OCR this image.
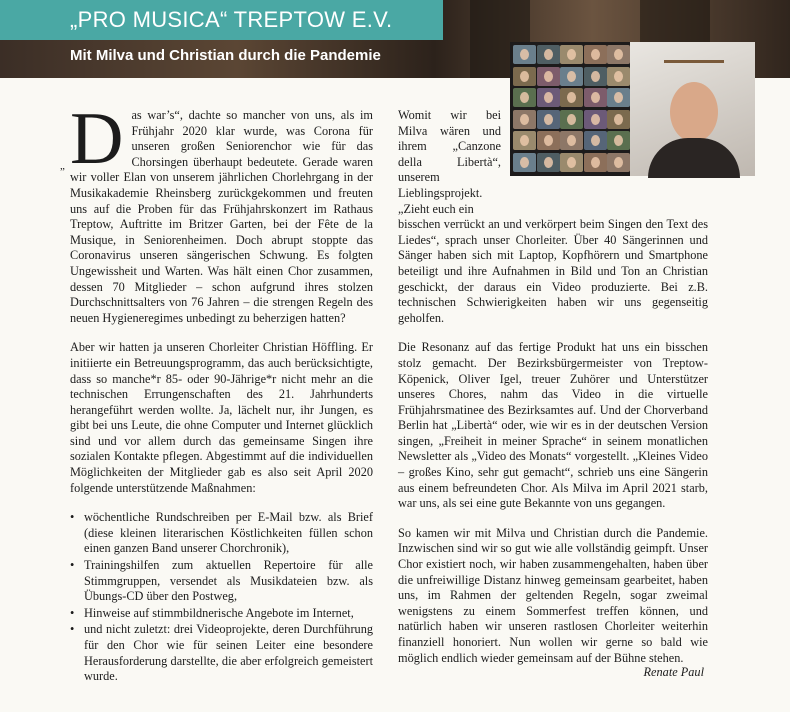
„PRO MUSICA“ TREPTOW E.V.
Mit Milva und Christian durch die Pandemie
„ Das war’s“, dachte so mancher von uns, als im Frühjahr 2020 klar wurde, was Corona für unseren großen Seniorenchor wie für das Chorsingen überhaupt bedeutete. Gerade waren wir voller Elan von unserem jährlichen Chorlehrgang in der Musikakademie Rheinsberg zurückgekommen und freuten uns auf die Proben für das Frühjahrskonzert im Rathaus Treptow, Auftritte im Britzer Garten, bei der Fête de la Musique, in Seniorenheimen. Doch abrupt stoppte das Coronavirus unseren sängerischen Schwung. Es folgten Ungewissheit und Warten. Was hält einen Chor zusammen, dessen 70 Mitglieder – schon aufgrund ihres stolzen Durchschnittsalters von 76 Jahren – die strengen Regeln des neuen Hygieneregimes unbedingt zu beherzigen hatten?

Aber wir hatten ja unseren Chorleiter Christian Höffling. Er initiierte ein Betreuungsprogramm, das auch berücksichtigte, dass so manche*r 85- oder 90-Jährige*r nicht mehr an die technischen Errungenschaften des 21. Jahrhunderts herangeführt werden wollte. Ja, lächelt nur, ihr Jungen, es gibt bei uns Leute, die ohne Computer und Internet glücklich sind und vor allem durch das gemeinsame Singen ihre sozialen Kontakte pflegen. Abgestimmt auf die individuellen Möglichkeiten der Mitglieder gab es also seit April 2020 folgende unterstützende Maßnahmen:

• wöchentliche Rundschreiben per E-Mail bzw. als Brief (diese kleinen literarischen Köstlichkeiten füllen schon einen ganzen Band unserer Chorchronik),
• Trainingshilfen zum aktuellen Repertoire für alle Stimmgruppen, versendet als Musikdateien bzw. als Übungs-CD über den Postweg,
• Hinweise auf stimmbildnerische Angebote im Internet,
• und nicht zuletzt: drei Videoprojekte, deren Durchführung für den Chor wie für seinen Leiter eine besondere Herausforderung darstellte, die aber erfolgreich gemeistert wurde.

Womit wir bei Milva wären und ihrem „Canzone della Libertà“, unserem Lieblingsprojekt. „Zieht euch ein
bisschen verrückt an und verkörpert beim Singen den Text des Liedes“, sprach unser Chorleiter. Über 40 Sängerinnen und Sänger haben sich mit Laptop, Kopfhörern und Smartphone beteiligt und ihre Aufnahmen in Bild und Ton an Christian geschickt, der daraus ein Video produzierte. Bei z.B. technischen Schwierigkeiten haben wir uns gegenseitig geholfen.

Die Resonanz auf das fertige Produkt hat uns ein bisschen stolz gemacht. Der Bezirksbürgermeister von Treptow-Köpenick, Oliver Igel, treuer Zuhörer und Unterstützer unseres Chores, nahm das Video in die virtuelle Frühjahrsmatinee des Bezirksamtes auf. Und der Chorverband Berlin hat „Libertà“ oder, wie wir es in der deutschen Version singen, „Freiheit in meiner Sprache“ in seinem monatlichen Newsletter als „Video des Monats“ vorgestellt. „Kleines Video – großes Kino, sehr gut gemacht“, schrieb uns eine Sängerin aus einem befreundeten Chor. Als Milva im April 2021 starb, war uns, als sei eine gute Bekannte von uns gegangen.

So kamen wir mit Milva und Christian durch die Pandemie. Inzwischen sind wir so gut wie alle vollständig geimpft. Unser Chor existiert noch, wir haben zusammengehalten, haben über die unfreiwillige Distanz hinweg gemeinsam gearbeitet, haben uns, im Rahmen der geltenden Regeln, sogar zweimal wenigstens zu einem Sommerfest treffen können, und natürlich haben wir unseren rastlosen Chorleiter weiterhin finanziell honoriert. Nun wollen wir gerne so bald wie möglich endlich wieder gemeinsam auf der Bühne stehen.

Renate Paul
